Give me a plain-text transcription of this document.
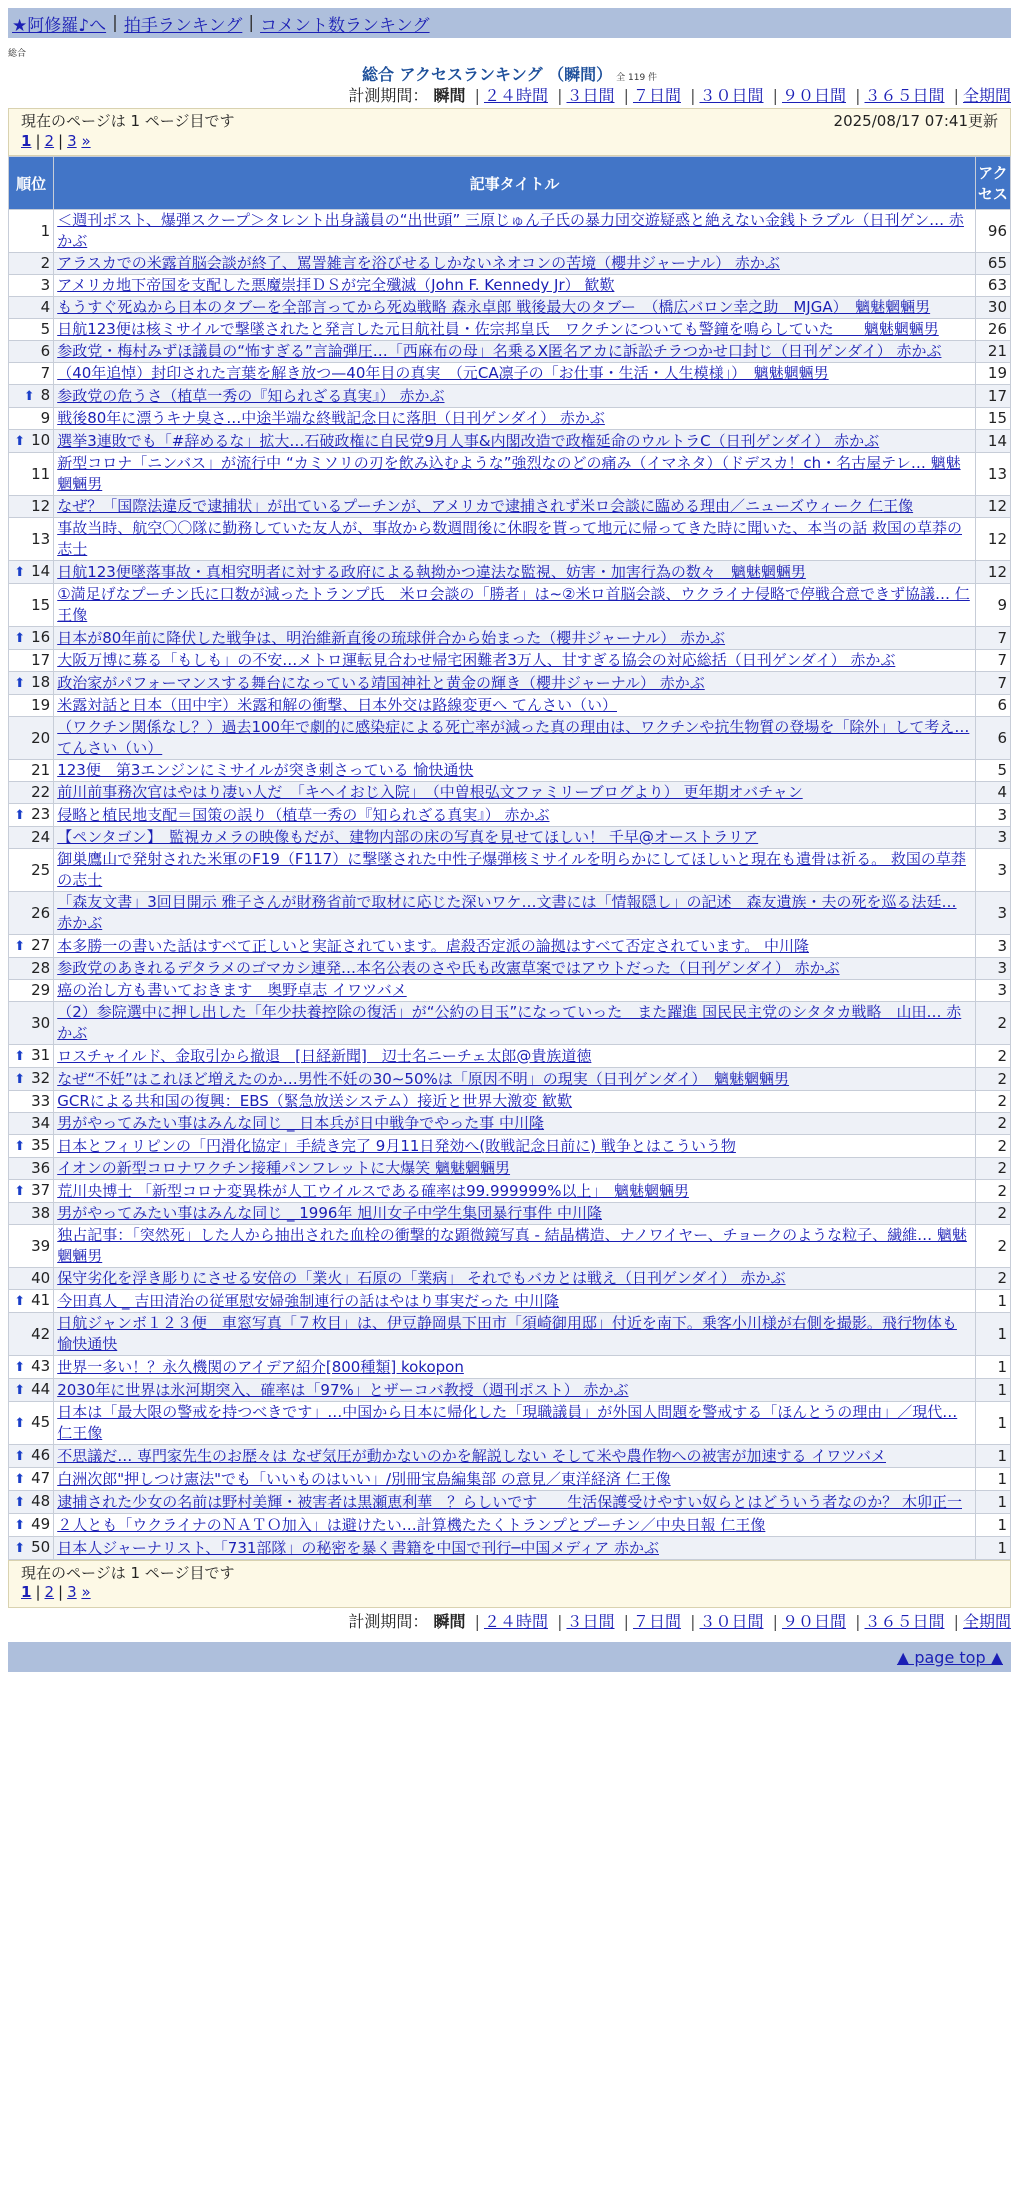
★阿修羅♪へ | 拍手ランキング | コメント数ランキング
総合
総合 アクセスランキング （瞬間） 全 119 件
計測期間： 瞬間 | ２４時間 | ３日間 | ７日間 | ３０日間 | ９０日間 | ３６５日間 | 全期間
現在のページは 1 ページ目です	2025/08/17 07:41更新
1 | 2 | 3 »
順位	記事タイトル	アクセス
1	＜週刊ポスト、爆弾スクープ＞タレント出身議員の“出世頭” 三原じゅん子氏の暴力団交遊疑惑と絶えない金銭トラブル（日刊ゲン… 赤かぶ	96
2	アラスカでの米露首脳会談が終了、罵詈雑言を浴びせるしかないネオコンの苦境（櫻井ジャーナル） 赤かぶ	65
3	アメリカ地下帝国を支配した悪魔崇拝ＤＳが完全殲滅（John F. Kennedy Jr） 歓歎	63
4	もうすぐ死ぬから日本のタブーを全部言ってから死ぬ戦略 森永卓郎 戦後最大のタブー　（橋広バロン幸之助　MJGA）　魑魅魍魎男	30
5	日航123便は核ミサイルで撃墜されたと発言した元日航社員・佐宗邦皇氏　ワクチンについても警鐘を鳴らしていた　　魑魅魍魎男	26
6	参政党・梅村みずほ議員の“怖すぎる”言論弾圧…「西麻布の母」名乗るX匿名アカに訴訟チラつかせ口封じ（日刊ゲンダイ） 赤かぶ	21
7	（40年追悼）封印された言葉を解き放つ—40年目の真実　（元CA凛子の「お仕事・生活・人生模様」）　魑魅魍魎男	19
⬆ 8	参政党の危うさ（植草一秀の『知られざる真実』） 赤かぶ	17
9	戦後80年に漂うキナ臭さ…中途半端な終戦記念日に落胆（日刊ゲンダイ） 赤かぶ	15
⬆ 10	選挙3連敗でも「#辞めるな」拡大…石破政権に自民党9月人事&内閣改造で政権延命のウルトラC（日刊ゲンダイ） 赤かぶ	14
11	新型コロナ「ニンバス」が流行中 “カミソリの刃を飲み込むような”強烈なのどの痛み（イマネタ）（ドデスカ！ch・名古屋テレ… 魑魅魍魎男	13
12	なぜ？「国際法違反で逮捕状」が出ているプーチンが、アメリカで逮捕されず米ロ会談に臨める理由／ニューズウィーク 仁王像	12
13	事故当時、航空〇〇隊に勤務していた友人が、事故から数週間後に休暇を貰って地元に帰ってきた時に聞いた、本当の話 救国の草莽の志士	12
⬆ 14	日航123便墜落事故・真相究明者に対する政府による執拗かつ違法な監視、妨害・加害行為の数々　魑魅魍魎男	12
15	①満足げなプーチン氏に口数が減ったトランプ氏　米ロ会談の「勝者」は∼②米ロ首脳会談、ウクライナ侵略で停戦合意できず協議… 仁王像	9
⬆ 16	日本が80年前に降伏した戦争は、明治維新直後の琉球併合から始まった（櫻井ジャーナル） 赤かぶ	7
17	大阪万博に募る「もしも」の不安…メトロ運転見合わせ帰宅困難者3万人、甘すぎる協会の対応総括（日刊ゲンダイ） 赤かぶ	7
⬆ 18	政治家がパフォーマンスする舞台になっている靖国神社と黄金の輝き（櫻井ジャーナル） 赤かぶ	7
19	米露対話と日本（田中宇）米露和解の衝撃、日本外交は路線変更へ てんさい（い）	6
20	（ワクチン関係なし？）過去100年で劇的に感染症による死亡率が減った真の理由は、ワクチンや抗生物質の登場を「除外」して考え… てんさい（い）	6
21	123便　第3エンジンにミサイルが突き刺さっている 愉快通快	5
22	前川前事務次官はやはり凄い人だ　「キヘイおじ入院」　（中曽根弘文ファミリーブログより） 更年期オバチャン	4
⬆ 23	侵略と植民地支配＝国策の誤り（植草一秀の『知られざる真実』） 赤かぶ	3
24	【ペンタゴン】　監視カメラの映像もだが、建物内部の床の写真を見せてほしい！ 千早@オーストラリア	3
25	御巣鷹山で発射された米軍のF19（F117）に撃墜された中性子爆弾核ミサイルを明らかにしてほしいと現在も遺骨は祈る。 救国の草莽の志士	3
26	「森友文書」3回目開示 雅子さんが財務省前で取材に応じた深いワケ…文書には「情報隠し」の記述　森友遺族・夫の死を巡る法廷… 赤かぶ	3
⬆ 27	本多勝一の書いた話はすべて正しいと実証されています。虐殺否定派の論拠はすべて否定されています。 中川隆	3
28	参政党のあきれるデタラメのゴマカシ連発…本名公表のさや氏も改憲草案ではアウトだった（日刊ゲンダイ） 赤かぶ	3
29	癌の治し方も書いておきます　奥野卓志 イワツバメ	3
30	（2）参院選中に押し出した「年少扶養控除の復活」が“公約の目玉”になっていった　また躍進 国民民主党のシタタカ戦略　山田… 赤かぶ	2
⬆ 31	ロスチャイルド、金取引から撤退　[日経新聞]　辺士名ニーチェ太郎@貴族道徳	2
⬆ 32	なぜ“不妊”はこれほど増えたのか…男性不妊の30∼50%は「原因不明」の現実（日刊ゲンダイ）　魑魅魍魎男	2
33	GCRによる共和国の復興：EBS（緊急放送システム）接近と世界大激変 歓歎	2
34	男がやってみたい事はみんな同じ _ 日本兵が日中戦争でやった事 中川隆	2
⬆ 35	日本とフィリピンの「円滑化協定」手続き完了 9月11日発効へ(敗戦記念日前に) 戦争とはこういう物	2
36	イオンの新型コロナワクチン接種パンフレットに大爆笑 魑魅魍魎男	2
⬆ 37	荒川央博士 「新型コロナ変異株が人工ウイルスである確率は99.999999%以上」　魑魅魍魎男	2
38	男がやってみたい事はみんな同じ _ 1996年 旭川女子中学生集団暴行事件 中川隆	2
39	独占記事：「突然死」した人から抽出された血栓の衝撃的な顕微鏡写真 - 結晶構造、ナノワイヤー、チョークのような粒子、繊維… 魑魅魍魎男	2
40	保守劣化を浮き彫りにさせる安倍の「業火」石原の「業病」 それでもバカとは戦え（日刊ゲンダイ） 赤かぶ	2
⬆ 41	今田真人 _ 吉田清治の従軍慰安婦強制連行の話はやはり事実だった 中川隆	1
42	日航ジャンボ１２３便　車窓写真「７枚目」は、伊豆静岡県下田市「須崎御用邸」付近を南下。乗客小川様が右側を撮影。飛行物体も 愉快通快	1
⬆ 43	世界一多い！？永久機関のアイデア紹介[800種類] kokopon	1
⬆ 44	2030年に世界は氷河期突入、確率は「97%」とザーコバ教授（週刊ポスト） 赤かぶ	1
⬆ 45	日本は「最大限の警戒を持つべきです」…中国から日本に帰化した「現職議員」が外国人問題を警戒する「ほんとうの理由」／現代… 仁王像	1
⬆ 46	不思議だ… 専門家先生のお歴々は なぜ気圧が動かないのかを解説しない そして米や農作物への被害が加速する イワツバメ	1
⬆ 47	白洲次郎"押しつけ憲法"でも「いいものはいい」/別冊宝島編集部 の意見／東洋経済 仁王像	1
⬆ 48	逮捕された少女の名前は野村美輝・被害者は黒瀬恵利華　？らしいです　　生活保護受けやすい奴らとはどういう者なのか？ 木卯正一	1
⬆ 49	２人とも「ウクライナのＮＡＴＯ加入」は避けたい…計算機たたくトランプとプーチン／中央日報 仁王像	1
⬆ 50	日本人ジャーナリスト、「731部隊」の秘密を暴く書籍を中国で刊行─中国メディア 赤かぶ	1
現在のページは 1 ページ目です
1 | 2 | 3 »
計測期間： 瞬間 | ２４時間 | ３日間 | ７日間 | ３０日間 | ９０日間 | ３６５日間 | 全期間
▲ page top ▲
